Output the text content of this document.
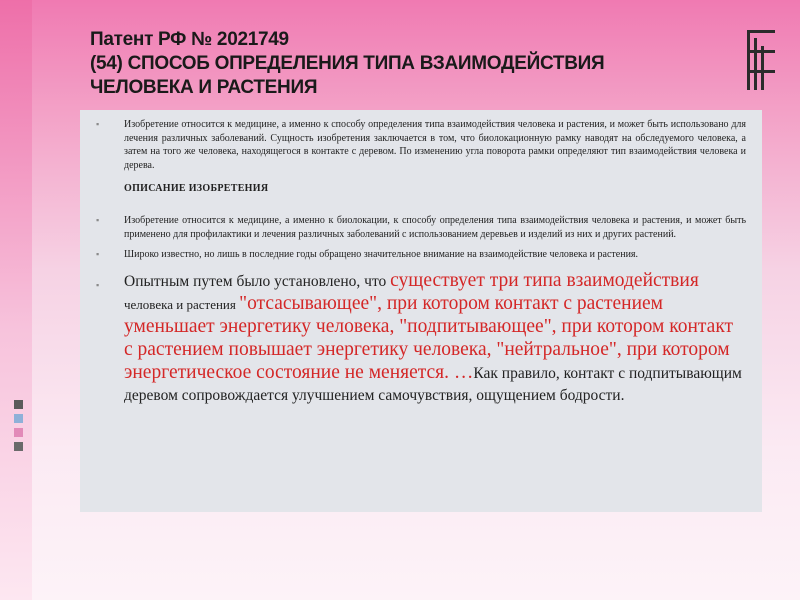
Патент РФ № 2021749
(54) СПОСОБ ОПРЕДЕЛЕНИЯ ТИПА ВЗАИМОДЕЙСТВИЯ
ЧЕЛОВЕКА И РАСТЕНИЯ
▪ Изобретение относится к медицине, а именно к способу определения типа взаимодействия человека и растения, и может быть использовано для лечения различных заболеваний. Сущность изобретения заключается в том, что биолокационную рамку наводят на обследуемого человека, а затем на того же человека, находящегося в контакте с деревом. По изменению угла поворота рамки определяют тип взаимодействия человека и дерева.
ОПИСАНИЕ ИЗОБРЕТЕНИЯ
▪ Изобретение относится к медицине, а именно к биолокации, к способу определения типа взаимодействия человека и растения, и может быть применено для профилактики и лечения различных заболеваний с использованием деревьев и изделий из них и других растений.
▪ Широко известно, но лишь в последние годы обращено значительное внимание на взаимодействие человека и растения.
▪ Опытным путем было установлено, что существует три типа взаимодействия человека и растения "отсасывающее", при котором контакт с растением уменьшает энергетику человека, "подпитывающее", при котором контакт с растением повышает энергетику человека, "нейтральное", при котором энергетическое состояние не меняется. …Как правило, контакт с подпитывающим деревом сопровождается улучшением самочувствия, ощущением бодрости.
